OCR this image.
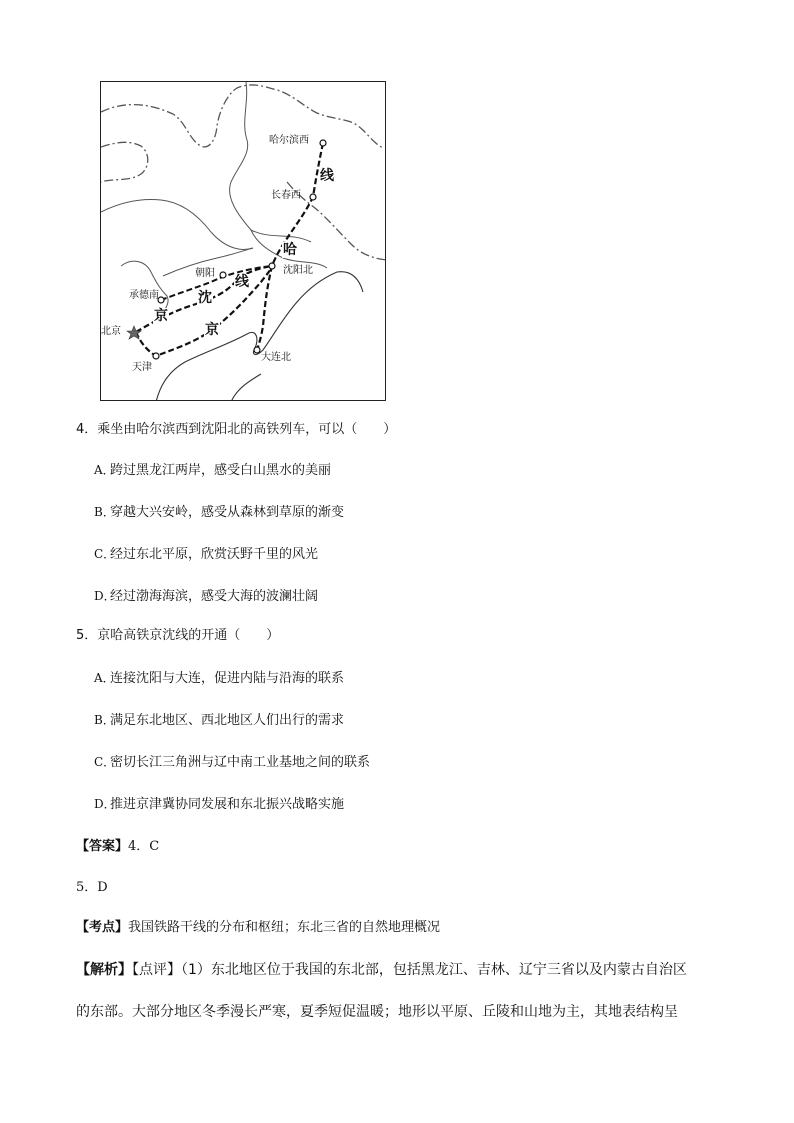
哈尔滨西
长春西
沈阳北
朝阳
承德南
北京
天津
大连北
线
哈
线
沈
京
京
4．乘坐由哈尔滨西到沈阳北的高铁列车，可以（　　）
A．跨过黑龙江两岸，感受白山黑水的美丽
B．穿越大兴安岭，感受从森林到草原的渐变
C．经过东北平原，欣赏沃野千里的风光
D．经过渤海海滨，感受大海的波澜壮阔
5．京哈高铁京沈线的开通（　　）
A．连接沈阳与大连，促进内陆与沿海的联系
B．满足东北地区、西北地区人们出行的需求
C．密切长江三角洲与辽中南工业基地之间的联系
D．推进京津冀协同发展和东北振兴战略实施
【答案】4．C
5．D
【考点】我国铁路干线的分布和枢纽；东北三省的自然地理概况
【解析】【点评】（1）东北地区位于我国的东北部，包括黑龙江、吉林、辽宁三省以及内蒙古自治区
的东部。大部分地区冬季漫长严寒，夏季短促温暖；地形以平原、丘陵和山地为主，其地表结构呈
